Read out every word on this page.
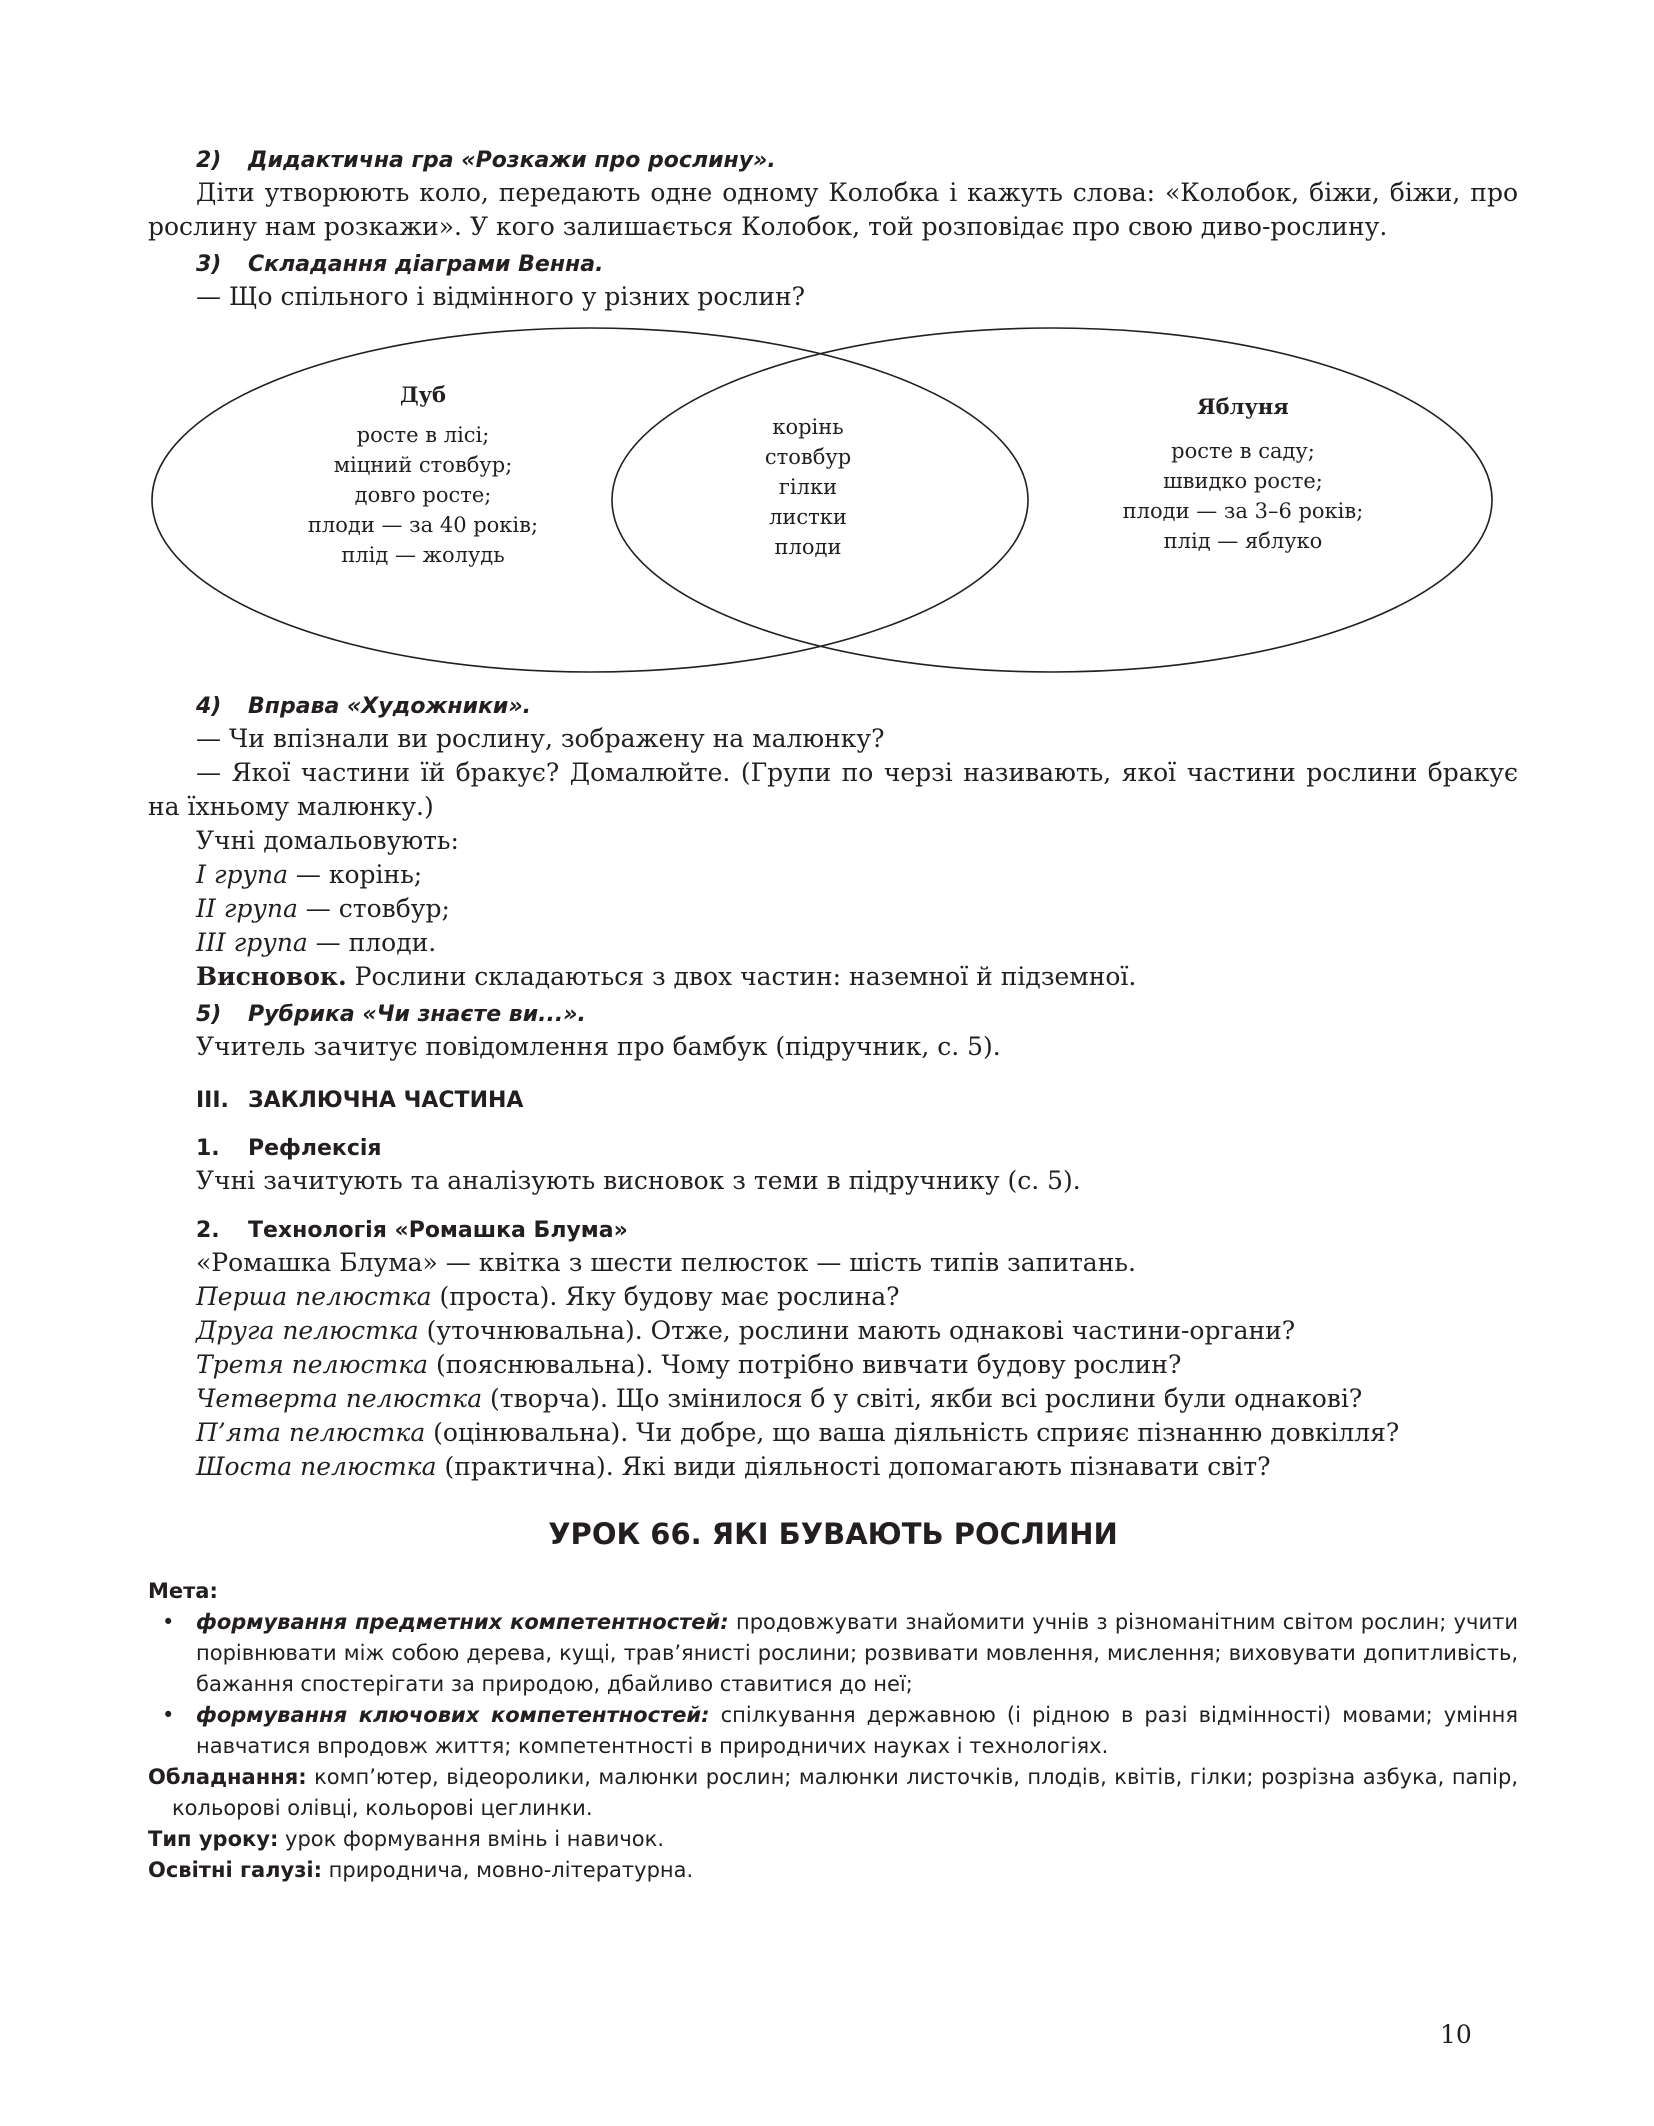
2) Дидактична гра «Розкажи про рослину».
Діти утворюють коло, передають одне одному Колобка і кажуть слова: «Колобок, біжи, біжи, про рослину нам розкажи». У кого залишається Колобок, той розповідає про свою диво-рослину.
3) Складання діаграми Венна.
— Що спільного і відмінного у різних рослин?
Дуб
росте в лісі;
міцний стовбур;
довго росте;
плоди — за 40 років;
плід — жолудь
корінь
стовбур
гілки
листки
плоди
Яблуня
росте в саду;
швидко росте;
плоди — за 3–6 років;
плід — яблуко
4) Вправа «Художники».
— Чи впізнали ви рослину, зображену на малюнку?
— Якої частини їй бракує? Домалюйте. (Групи по черзі називають, якої частини рослини бракує на їхньому малюнку.)
Учні домальовують:
І група — корінь;
ІІ група — стовбур;
ІІІ група — плоди.
Висновок. Рослини складаються з двох частин: наземної й підземної.
5) Рубрика «Чи знаєте ви...».
Учитель зачитує повідомлення про бамбук (підручник, с. 5).
ІІІ. ЗАКЛЮЧНА ЧАСТИНА
1. Рефлексія
Учні зачитують та аналізують висновок з теми в підручнику (с. 5).
2. Технологія «Ромашка Блума»
«Ромашка Блума» — квітка з шести пелюсток — шість типів запитань.
Перша пелюстка (проста). Яку будову має рослина?
Друга пелюстка (уточнювальна). Отже, рослини мають однакові частини-органи?
Третя пелюстка (пояснювальна). Чому потрібно вивчати будову рослин?
Четверта пелюстка (творча). Що змінилося б у світі, якби всі рослини були однакові?
П’ята пелюстка (оцінювальна). Чи добре, що ваша діяльність сприяє пізнанню довкілля?
Шоста пелюстка (практична). Які види діяльності допомагають пізнавати світ?
УРОК 66. ЯКІ БУВАЮТЬ РОСЛИНИ
Мета:
• формування предметних компетентностей: продовжувати знайомити учнів з різноманітним світом рослин; учити порівнювати між собою дерева, кущі, трав’янисті рослини; розвивати мовлення, мислення; виховувати допитливість, бажання спостерігати за природою, дбайливо ставитися до неї;
• формування ключових компетентностей: спілкування державною (і рідною в разі відмінності) мовами; уміння навчатися впродовж життя; компетентності в природничих науках і технологіях.
Обладнання: комп’ютер, відеоролики, малюнки рослин; малюнки листочків, плодів, квітів, гілки; розрізна азбука, папір, кольорові олівці, кольорові цеглинки.
Тип уроку: урок формування вмінь і навичок.
Освітні галузі: природнича, мовно-літературна.
10
